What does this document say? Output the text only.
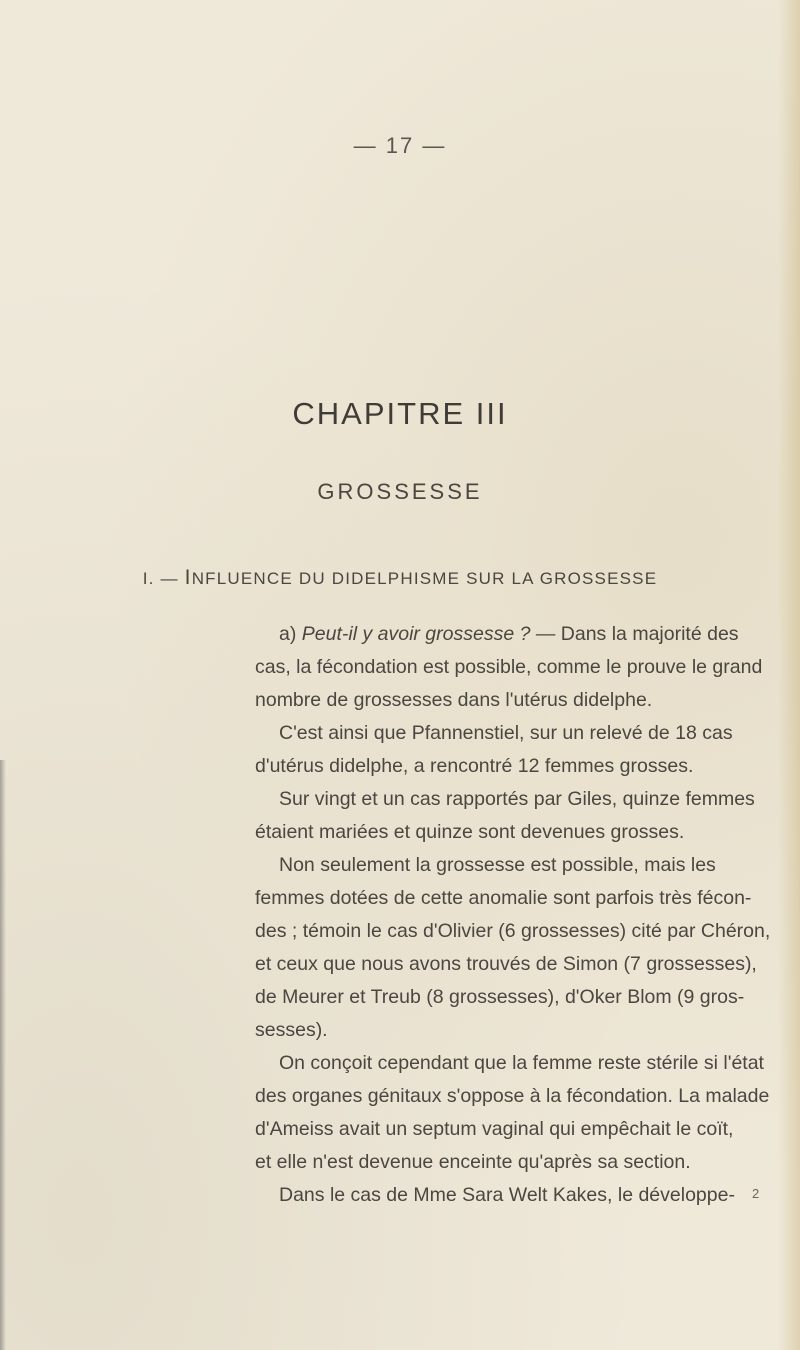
— 17 —
CHAPITRE III
GROSSESSE
I. — INFLUENCE DU DIDELPHISME SUR LA GROSSESSE
a) Peut-il y avoir grossesse ? — Dans la majorité des
cas, la fécondation est possible, comme le prouve le grand
nombre de grossesses dans l'utérus didelphe.
C'est ainsi que Pfannenstiel, sur un relevé de 18 cas
d'utérus didelphe, a rencontré 12 femmes grosses.
Sur vingt et un cas rapportés par Giles, quinze femmes
étaient mariées et quinze sont devenues grosses.
Non seulement la grossesse est possible, mais les
femmes dotées de cette anomalie sont parfois très fécon-
des ; témoin le cas d'Olivier (6 grossesses) cité par Chéron,
et ceux que nous avons trouvés de Simon (7 grossesses),
de Meurer et Treub (8 grossesses), d'Oker Blom (9 gros-
sesses).
On conçoit cependant que la femme reste stérile si l'état
des organes génitaux s'oppose à la fécondation. La malade
d'Ameiss avait un septum vaginal qui empêchait le coït,
et elle n'est devenue enceinte qu'après sa section.
Dans le cas de Mme Sara Welt Kakes, le développe-	2
